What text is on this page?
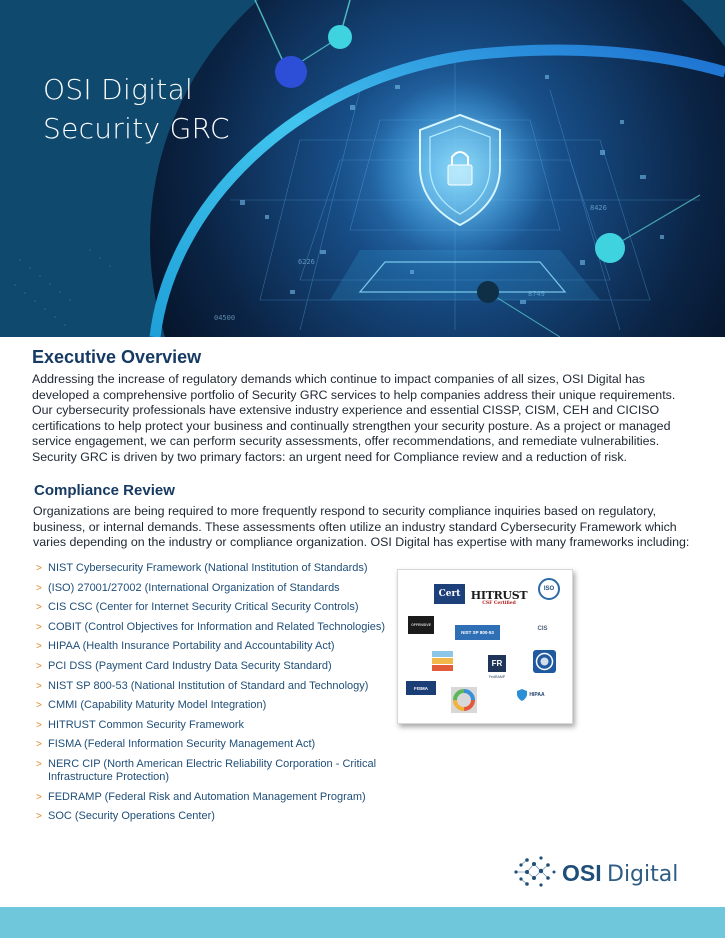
6226
04500
8426
8749
OSI Digital
Security GRC
Executive Overview

Addressing the increase of regulatory demands which continue to impact companies of all sizes, OSI Digital has developed a comprehensive portfolio of Security GRC services to help companies address their unique requirements. Our cybersecurity professionals have extensive industry experience and essential CISSP, CISM, CEH and CICISO certifications to help protect your business and continually strengthen your security posture. As a project or managed service engagement, we can perform security assessments, offer recommendations, and remediate vulnerabilities. Security GRC is driven by two primary factors: an urgent need for Compliance review and a reduction of risk.

Compliance Review

Organizations are being required to more frequently respond to security compliance inquiries based on regulatory, business, or internal demands. These assessments often utilize an industry standard Cybersecurity Framework which varies depending on the industry or compliance organization. OSI Digital has expertise with many frameworks including:

> NIST Cybersecurity Framework (National Institution of Standards)
> (ISO) 27001/27002 (International Organization of Standards
> CIS CSC (Center for Internet Security Critical Security Controls)
> COBIT (Control Objectives for Information and Related Technologies)
> HIPAA (Health Insurance Portability and Accountability Act)
> PCI DSS (Payment Card Industry Data Security Standard)
> NIST SP 800-53 (National Institution of Standard and Technology)
> CMMI (Capability Maturity Model Integration)
> HITRUST Common Security Framework
> FISMA (Federal Information Security Management Act)
> NERC CIP (North American Electric Reliability Corporation - Critical Infrastructure Protection)
> FEDRAMP (Federal Risk and Automation Management Program)
> SOC (Security Operations Center)
Cert HITRUST
CSF Certified
ISO
OFFENSIVE
NIST SP 800-53
CIS
FR
FedRAMP
FISMA
HIPAA
OSI Digital
